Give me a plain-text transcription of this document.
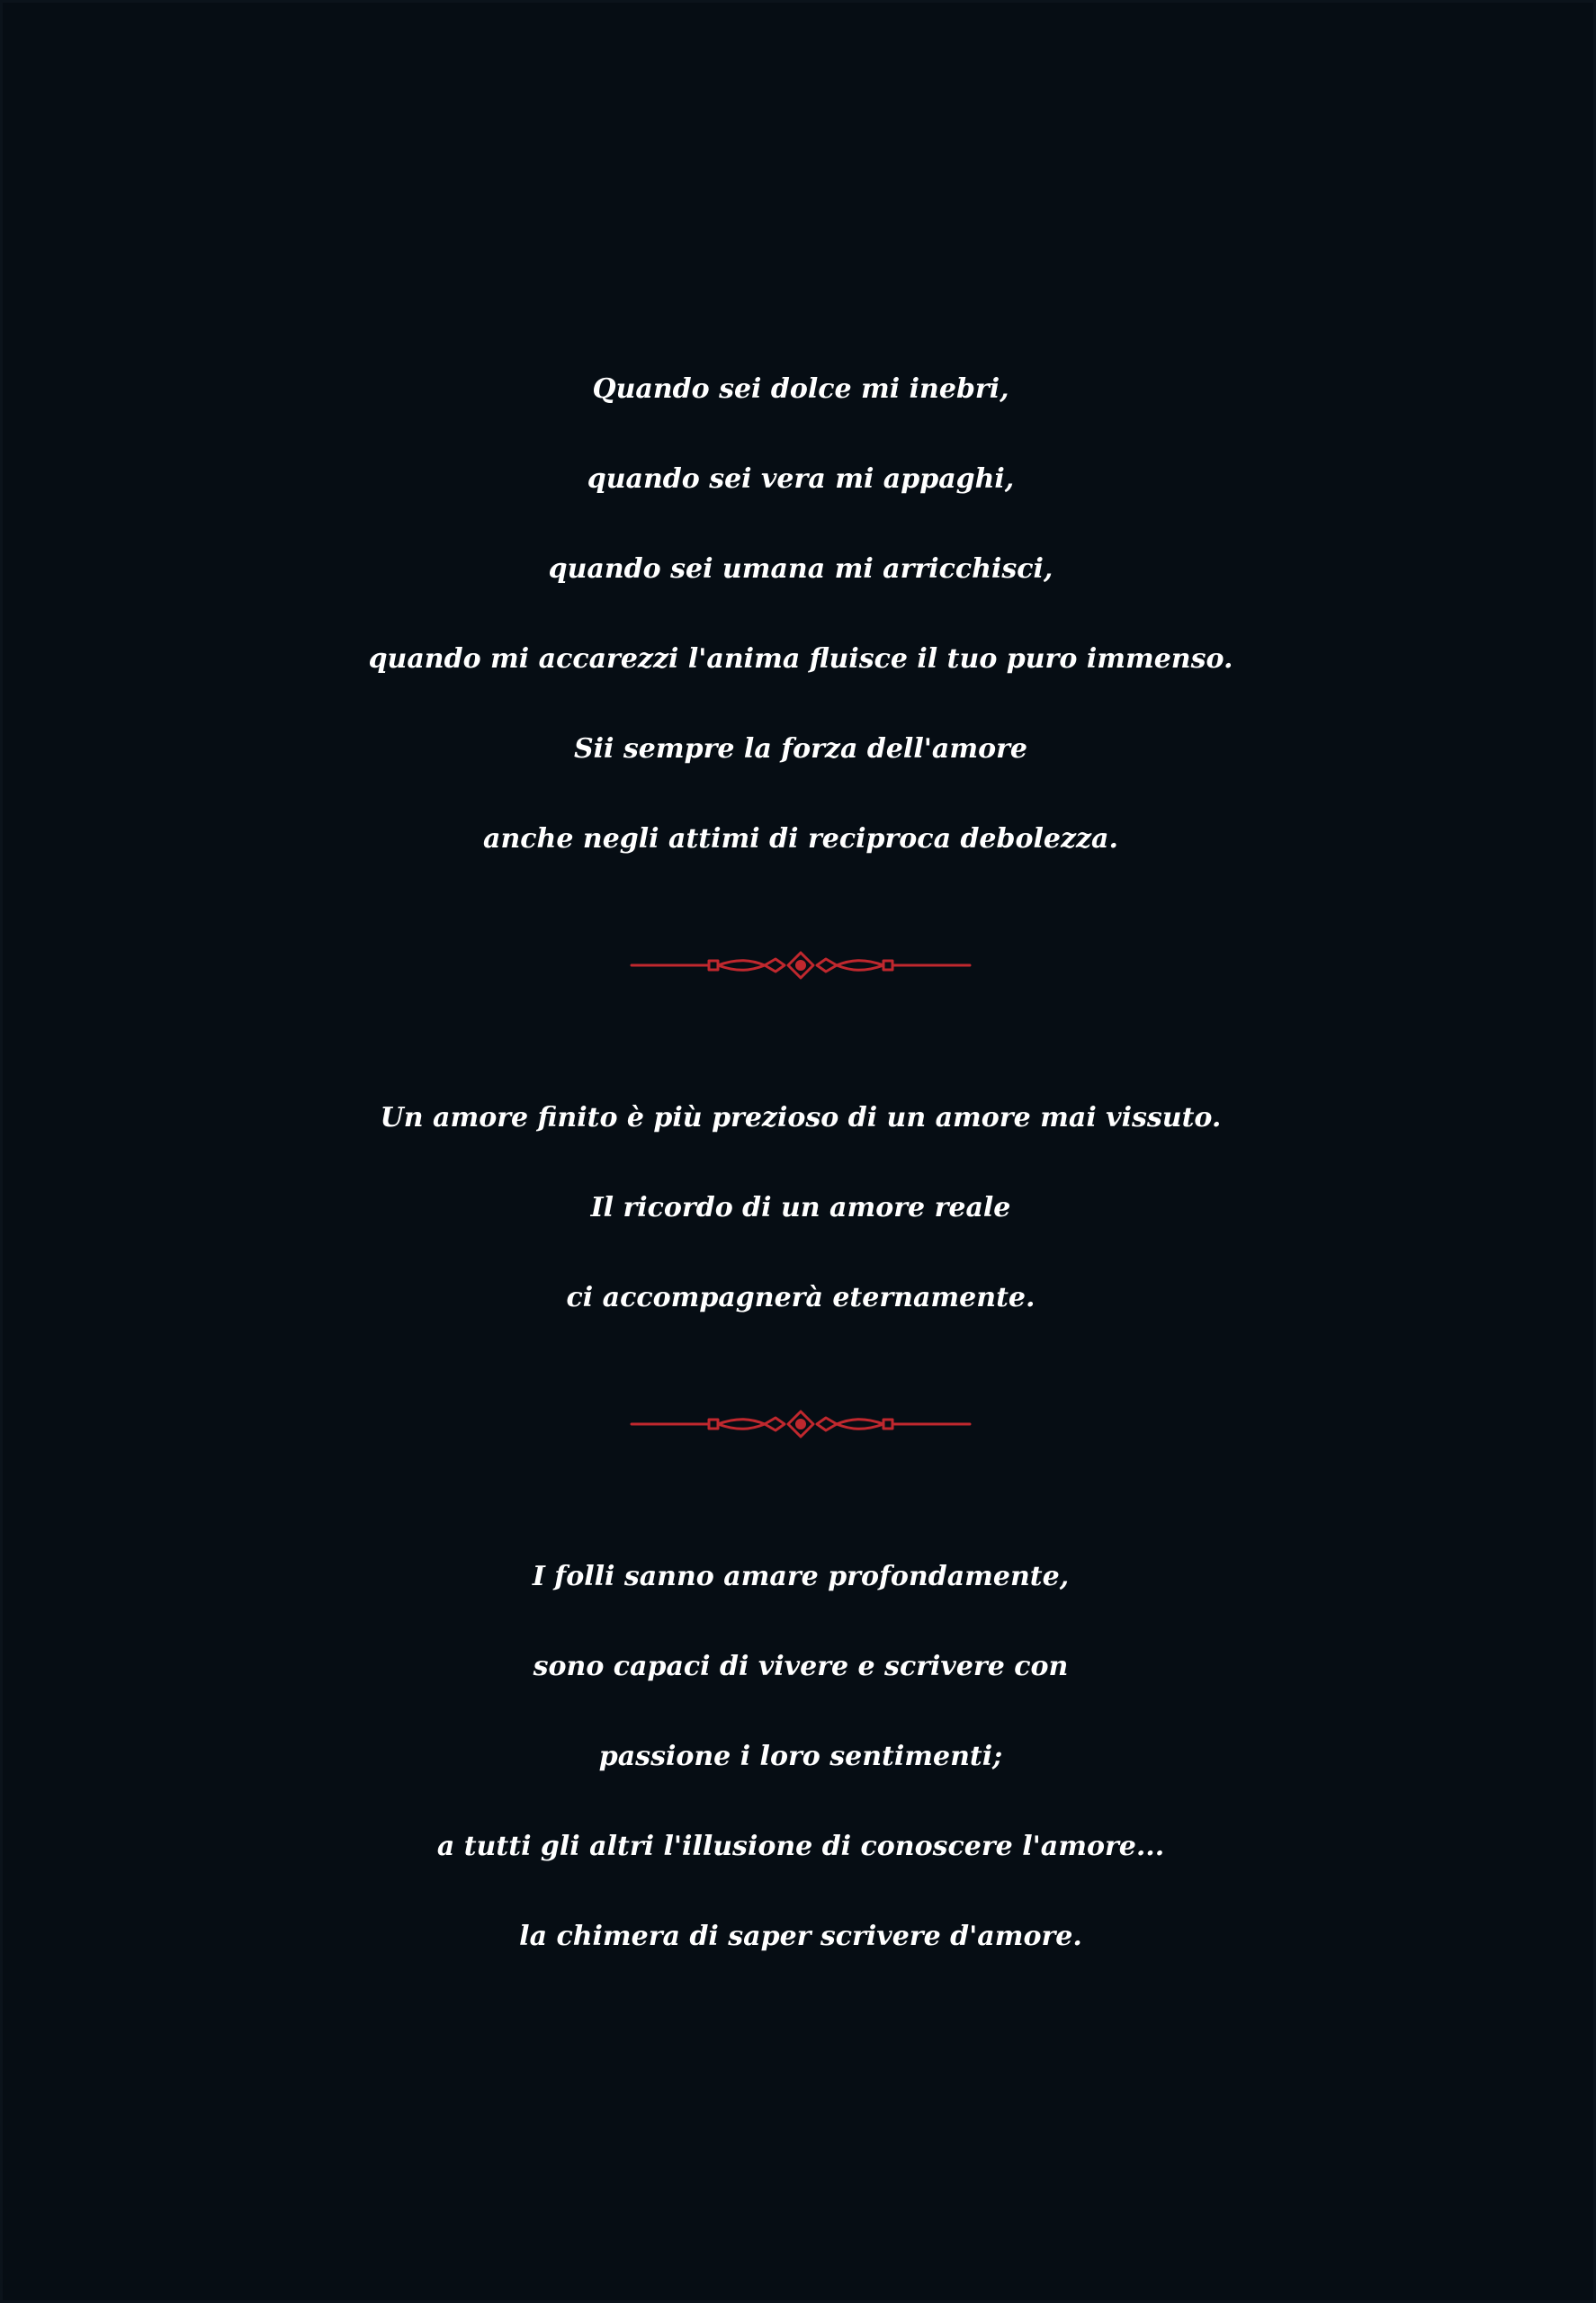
Quando sei dolce mi inebri,
quando sei vera mi appaghi,
quando sei umana mi arricchisci,
quando mi accarezzi l'anima fluisce il tuo puro immenso.
Sii sempre la forza dell'amore
anche negli attimi di reciproca debolezza.
Un amore finito è più prezioso di un amore mai vissuto.
Il ricordo di un amore reale
ci accompagnerà eternamente.
I folli sanno amare profondamente,
sono capaci di vivere e scrivere con
passione i loro sentimenti;
a tutti gli altri l'illusione di conoscere l'amore...
la chimera di saper scrivere d'amore.
